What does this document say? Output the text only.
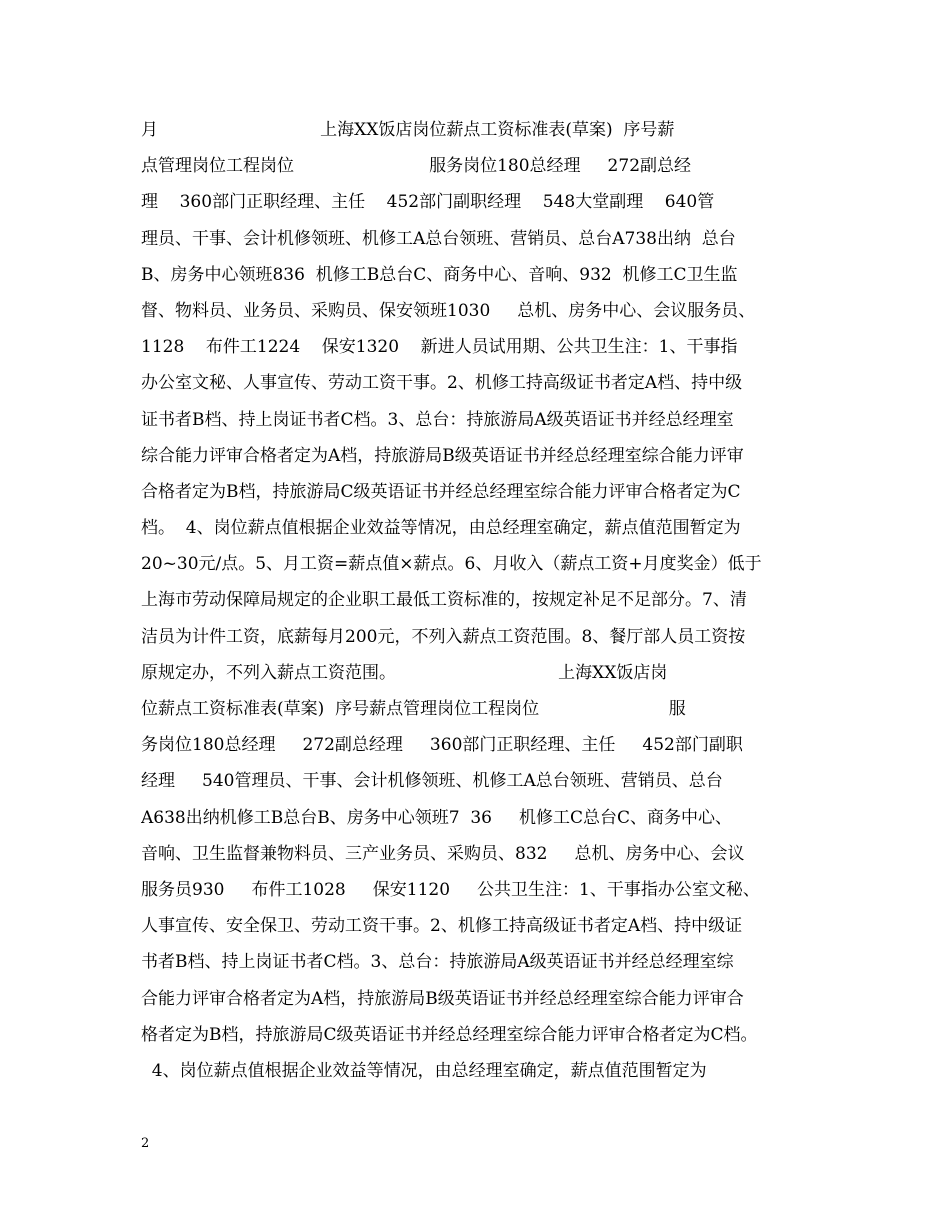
月                              上海XX饭店岗位薪点工资标准表(草案)  序号薪
点管理岗位工程岗位                         服务岗位180总经理     272副总经
理    360部门正职经理、主任    452部门副职经理    548大堂副理    640管
理员、干事、会计机修领班、机修工A总台领班、营销员、总台A738出纳  总台
B、房务中心领班836  机修工B总台C、商务中心、音响、932  机修工C卫生监
督、物料员、业务员、采购员、保安领班1030     总机、房务中心、会议服务员、
1128    布件工1224    保安1320    新进人员试用期、公共卫生注：1、干事指
办公室文秘、人事宣传、劳动工资干事。2、机修工持高级证书者定A档、持中级
证书者B档、持上岗证书者C档。3、总台：持旅游局A级英语证书并经总经理室
综合能力评审合格者定为A档，持旅游局B级英语证书并经总经理室综合能力评审
合格者定为B档，持旅游局C级英语证书并经总经理室综合能力评审合格者定为C
档。  4、岗位薪点值根据企业效益等情况，由总经理室确定，薪点值范围暂定为
20~30元/点。5、月工资=薪点值×薪点。6、月收入（薪点工资+月度奖金）低于
上海市劳动保障局规定的企业职工最低工资标准的，按规定补足不足部分。7、清
洁员为计件工资，底薪每月200元，不列入薪点工资范围。8、餐厅部人员工资按
原规定办，不列入薪点工资范围。                              上海XX饭店岗
位薪点工资标准表(草案)  序号薪点管理岗位工程岗位                        服
务岗位180总经理     272副总经理     360部门正职经理、主任     452部门副职
经理     540管理员、干事、会计机修领班、机修工A总台领班、营销员、总台
A638出纳机修工B总台B、房务中心领班7  36     机修工C总台C、商务中心、
音响、卫生监督兼物料员、三产业务员、采购员、832     总机、房务中心、会议
服务员930     布件工1028     保安1120     公共卫生注：1、干事指办公室文秘、
人事宣传、安全保卫、劳动工资干事。2、机修工持高级证书者定A档、持中级证
书者B档、持上岗证书者C档。3、总台：持旅游局A级英语证书并经总经理室综
合能力评审合格者定为A档，持旅游局B级英语证书并经总经理室综合能力评审合
格者定为B档，持旅游局C级英语证书并经总经理室综合能力评审合格者定为C档。
4、岗位薪点值根据企业效益等情况，由总经理室确定，薪点值范围暂定为
2
